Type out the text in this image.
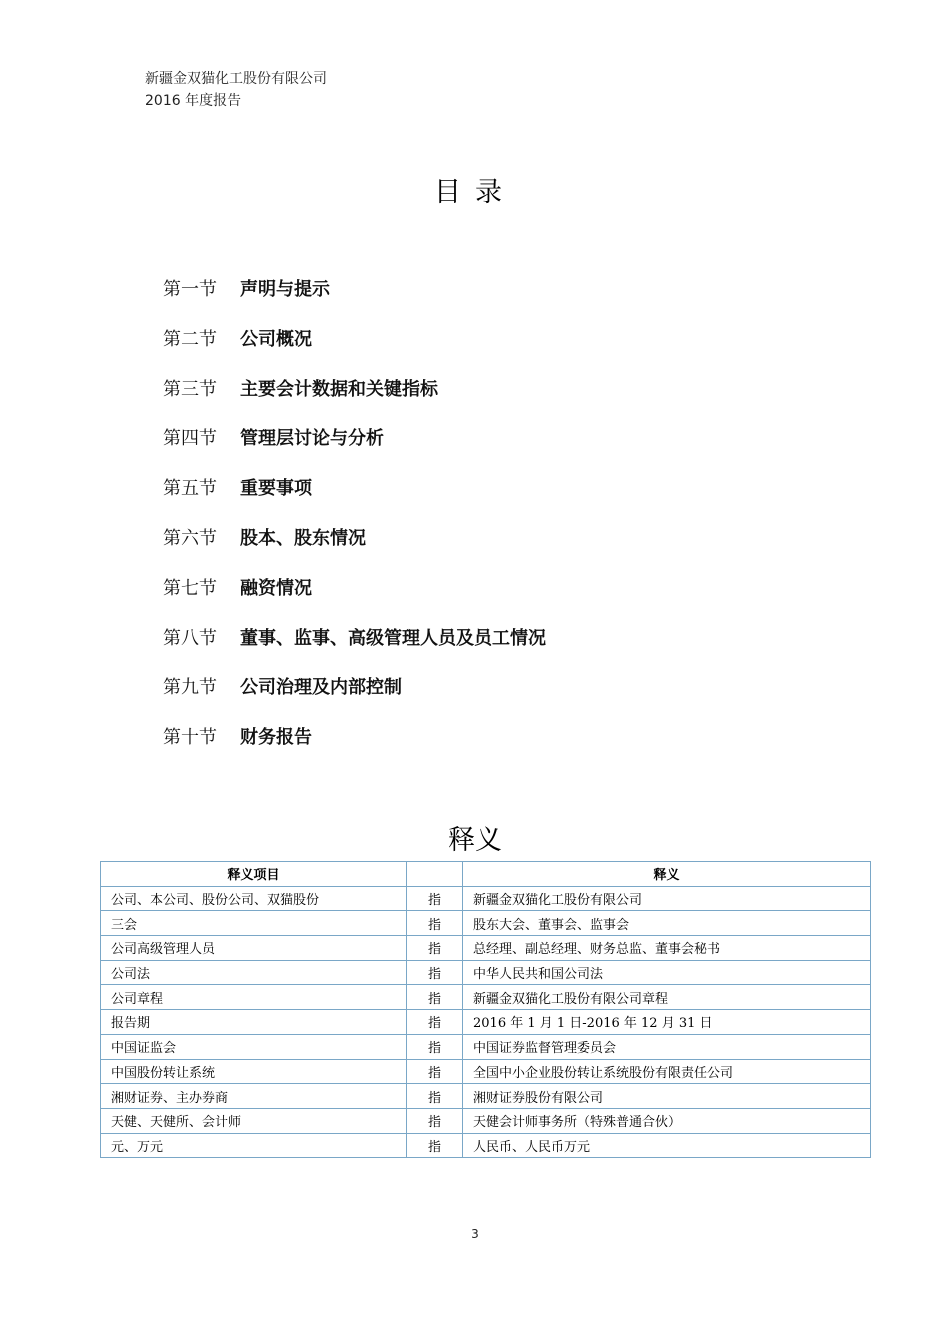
新疆金双猫化工股份有限公司
2016 年度报告
目录
第一节	声明与提示
第二节	公司概况
第三节	主要会计数据和关键指标
第四节	管理层讨论与分析
第五节	重要事项
第六节	股本、股东情况
第七节	融资情况
第八节	董事、监事、高级管理人员及员工情况
第九节	公司治理及内部控制
第十节	财务报告
释义
释义项目		释义
公司、本公司、股份公司、双猫股份	指	新疆金双猫化工股份有限公司
三会	指	股东大会、董事会、监事会
公司高级管理人员	指	总经理、副总经理、财务总监、董事会秘书
公司法	指	中华人民共和国公司法
公司章程	指	新疆金双猫化工股份有限公司章程
报告期	指	2016 年 1 月 1 日-2016 年 12 月 31 日
中国证监会	指	中国证券监督管理委员会
中国股份转让系统	指	全国中小企业股份转让系统股份有限责任公司
湘财证券、主办券商	指	湘财证券股份有限公司
天健、天健所、会计师	指	天健会计师事务所（特殊普通合伙）
元、万元	指	人民币、人民币万元
3
